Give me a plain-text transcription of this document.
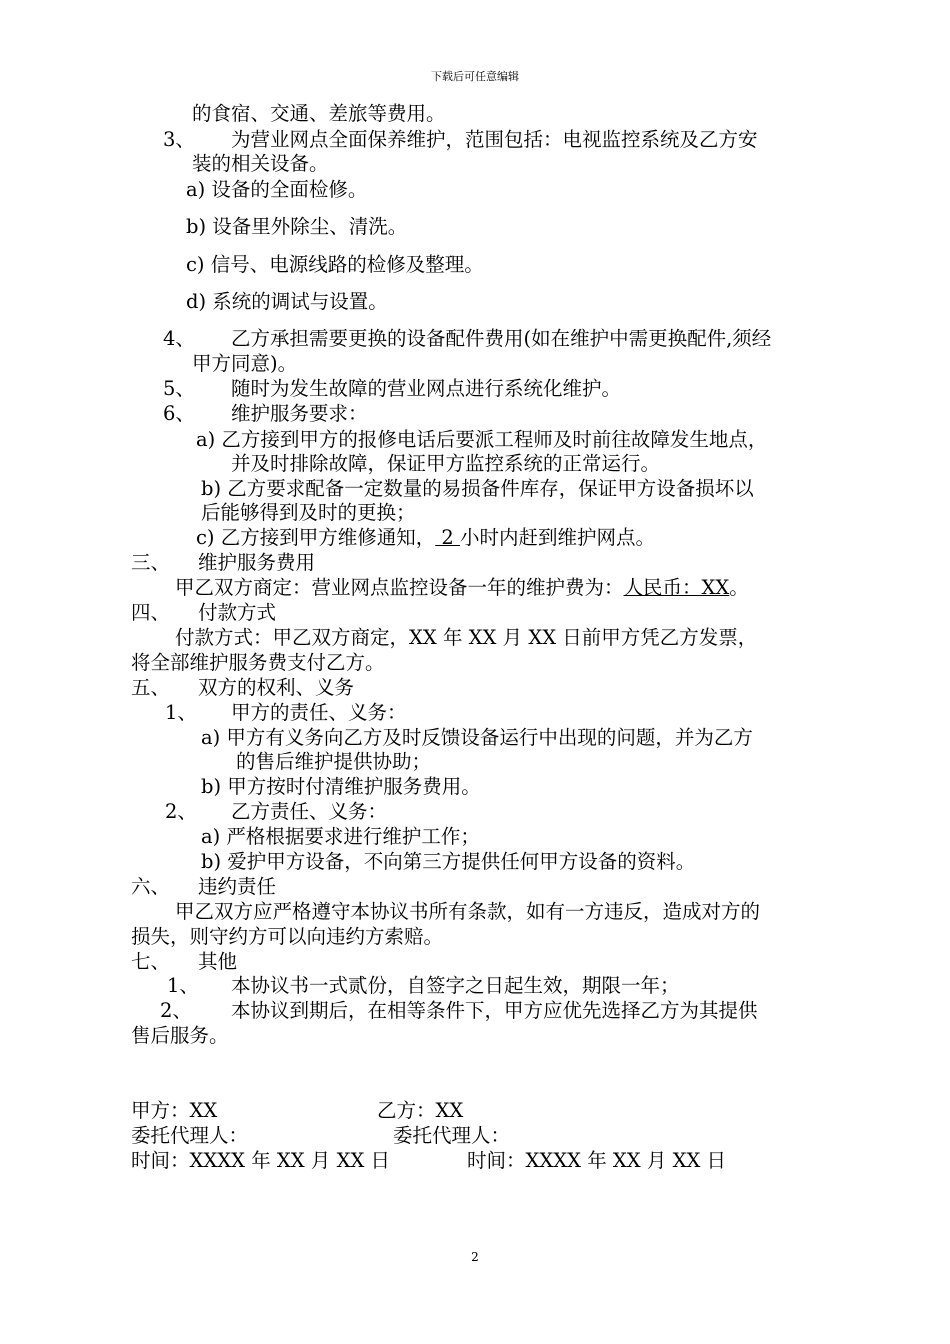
下载后可任意编辑
的食宿、交通、差旅等费用。
3、 为营业网点全面保养维护，范围包括：电视监控系统及乙方安
装的相关设备。
a) 设备的全面检修。
b) 设备里外除尘、清洗。
c) 信号、电源线路的检修及整理。
d) 系统的调试与设置。
4、 乙方承担需要更换的设备配件费用(如在维护中需更换配件,须经
甲方同意)。
5、 随时为发生故障的营业网点进行系统化维护。
6、 维护服务要求：
a) 乙方接到甲方的报修电话后要派工程师及时前往故障发生地点，
并及时排除故障，保证甲方监控系统的正常运行。
b) 乙方要求配备一定数量的易损备件库存，保证甲方设备损坏以
后能够得到及时的更换；
c) 乙方接到甲方维修通知， 2 小时内赶到维护网点。
三、 维护服务费用
甲乙双方商定：营业网点监控设备一年的维护费为：人民币：XX。
四、 付款方式
付款方式：甲乙双方商定，XX 年 XX 月 XX 日前甲方凭乙方发票，
将全部维护服务费支付乙方。
五、 双方的权利、义务
1、 甲方的责任、义务：
a) 甲方有义务向乙方及时反馈设备运行中出现的问题，并为乙方
的售后维护提供协助；
b) 甲方按时付清维护服务费用。
2、 乙方责任、义务：
a) 严格根据要求进行维护工作；
b) 爱护甲方设备，不向第三方提供任何甲方设备的资料。
六、 违约责任
甲乙双方应严格遵守本协议书所有条款，如有一方违反，造成对方的
损失，则守约方可以向违约方索赔。
七、 其他
1、 本协议书一式贰份，自签字之日起生效，期限一年；
2、 本协议到期后，在相等条件下，甲方应优先选择乙方为其提供
售后服务。
甲方：XX	乙方：XX
委托代理人：	委托代理人：
时间：XXXX 年 XX 月 XX 日	时间：XXXX 年 XX 月 XX 日
2
